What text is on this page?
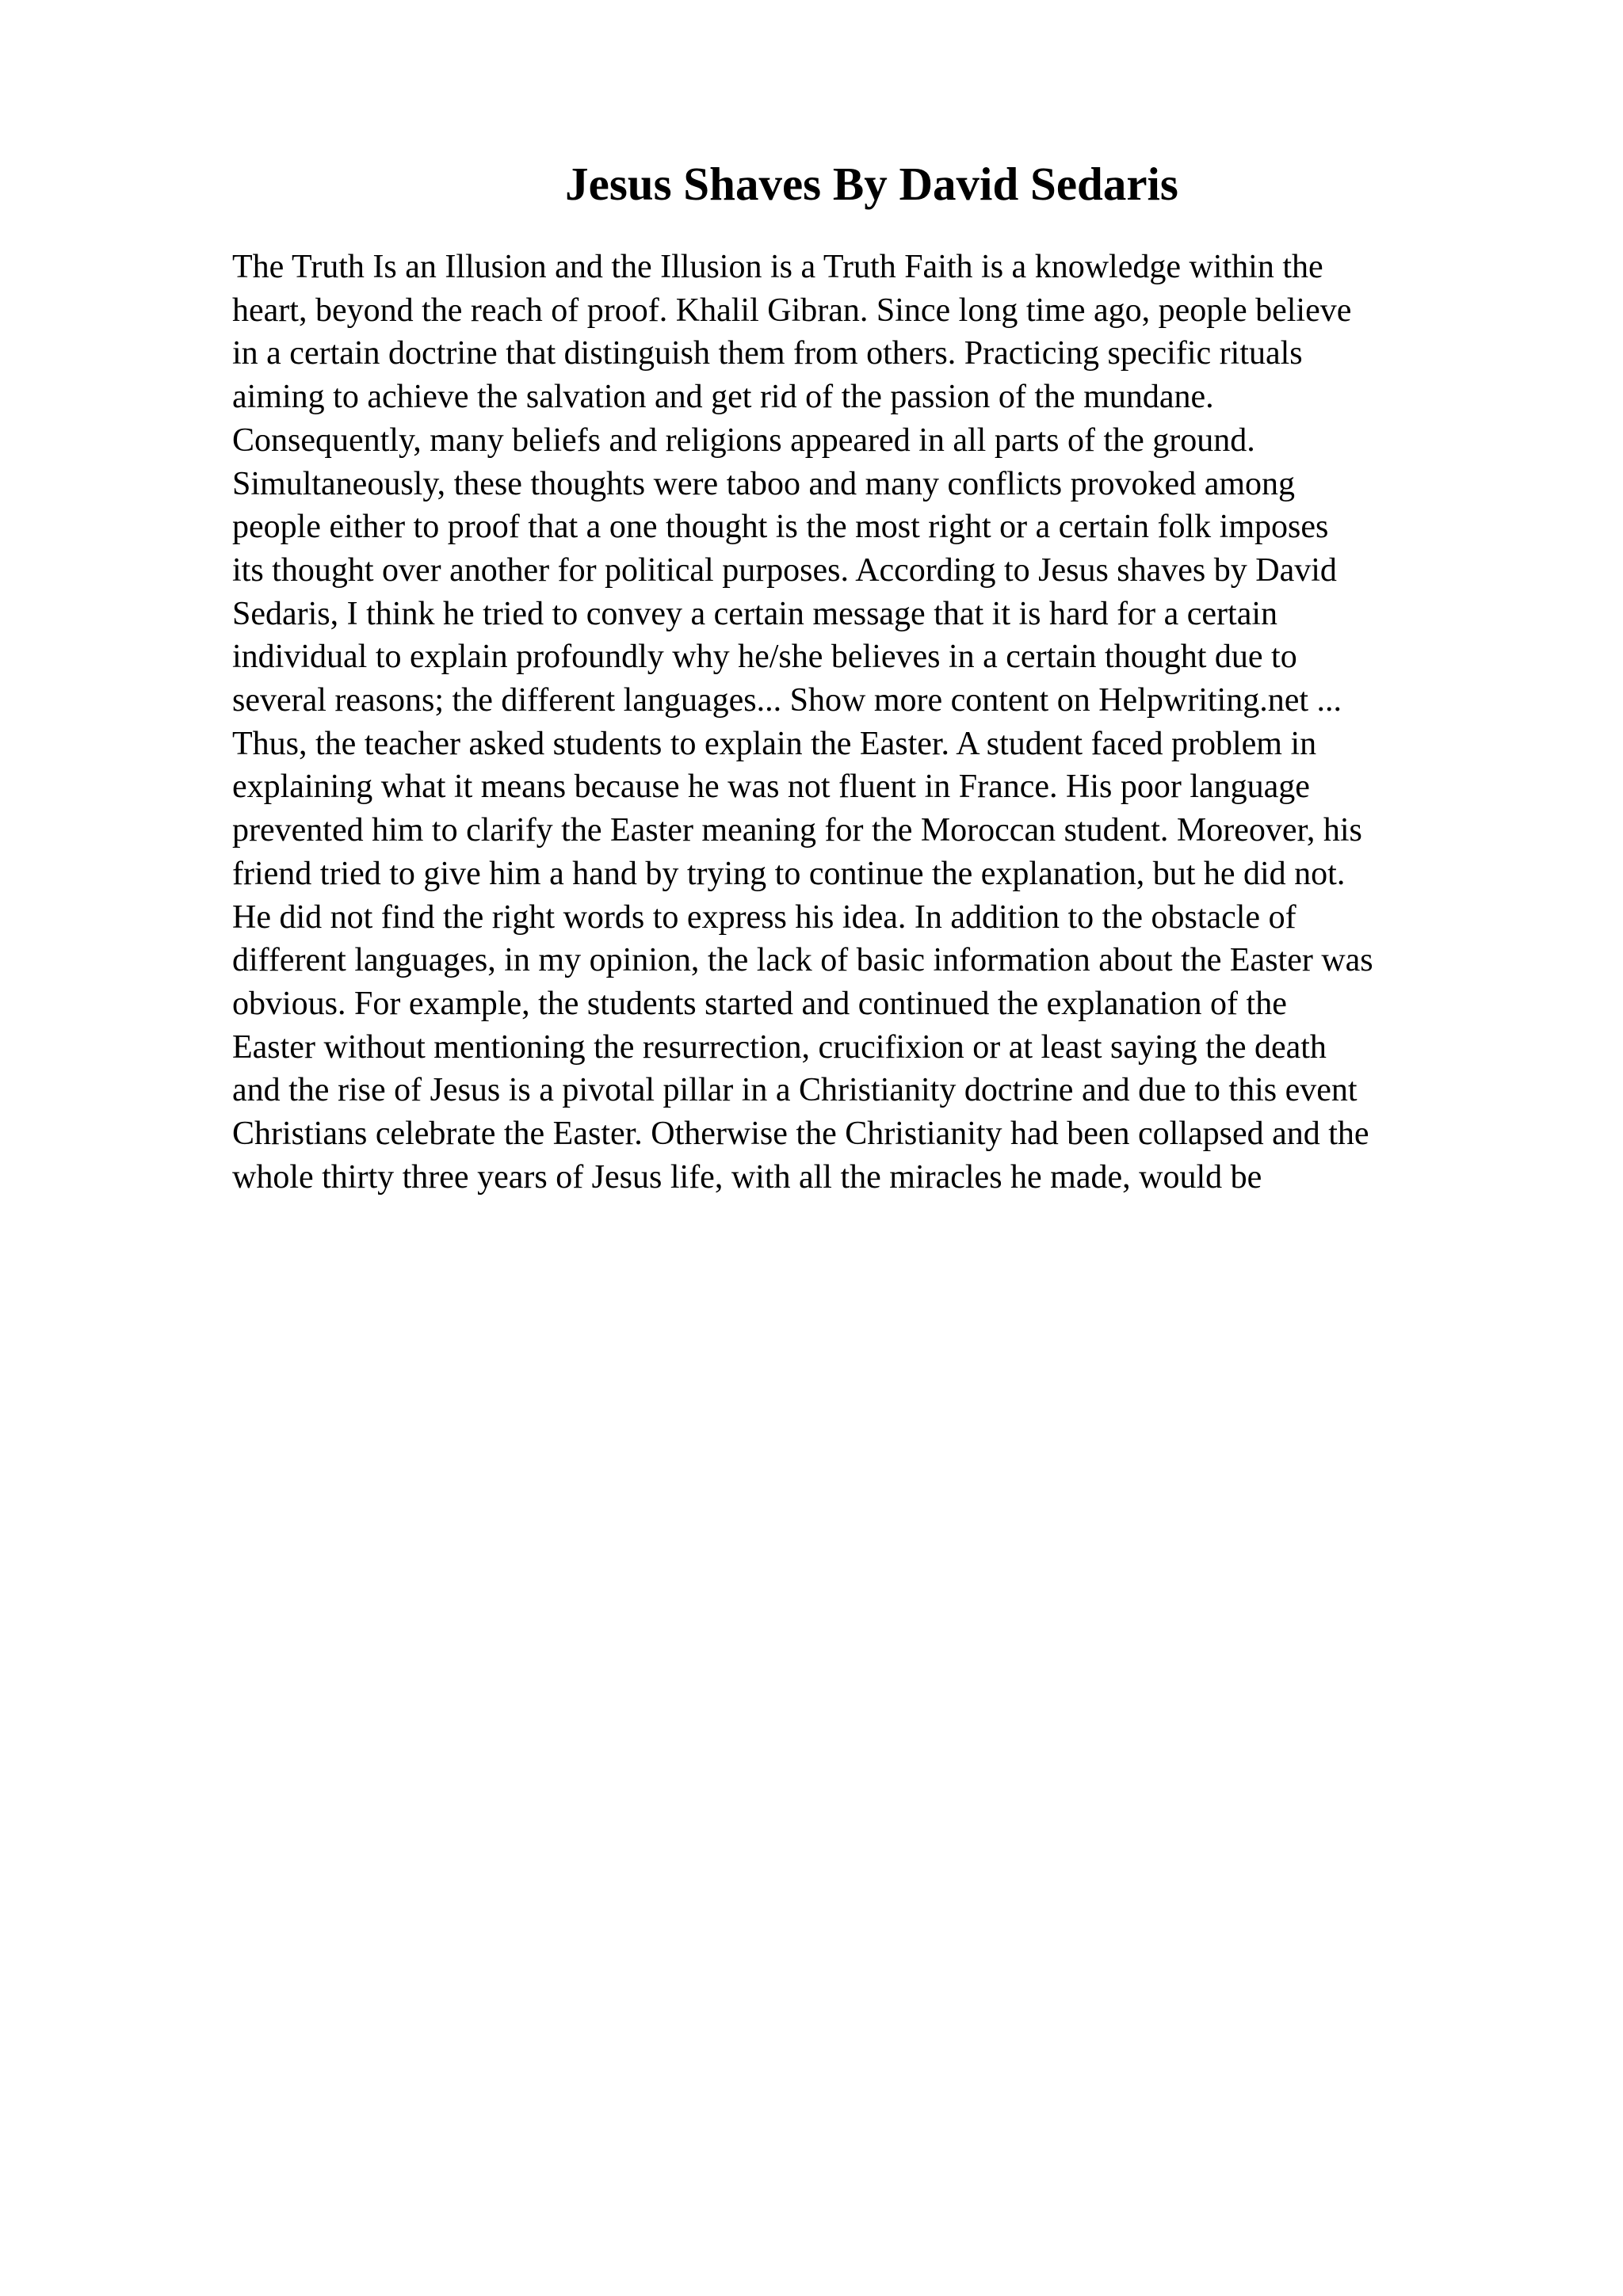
Jesus Shaves By David Sedaris
The Truth Is an Illusion and the Illusion is a Truth Faith is a knowledge within the
heart, beyond the reach of proof. Khalil Gibran. Since long time ago, people believe
in a certain doctrine that distinguish them from others. Practicing specific rituals
aiming to achieve the salvation and get rid of the passion of the mundane.
Consequently, many beliefs and religions appeared in all parts of the ground.
Simultaneously, these thoughts were taboo and many conflicts provoked among
people either to proof that a one thought is the most right or a certain folk imposes
its thought over another for political purposes. According to Jesus shaves by David
Sedaris, I think he tried to convey a certain message that it is hard for a certain
individual to explain profoundly why he/she believes in a certain thought due to
several reasons; the different languages... Show more content on Helpwriting.net ...
Thus, the teacher asked students to explain the Easter. A student faced problem in
explaining what it means because he was not fluent in France. His poor language
prevented him to clarify the Easter meaning for the Moroccan student. Moreover, his
friend tried to give him a hand by trying to continue the explanation, but he did not.
He did not find the right words to express his idea. In addition to the obstacle of
different languages, in my opinion, the lack of basic information about the Easter was
obvious. For example, the students started and continued the explanation of the
Easter without mentioning the resurrection, crucifixion or at least saying the death
and the rise of Jesus is a pivotal pillar in a Christianity doctrine and due to this event
Christians celebrate the Easter. Otherwise the Christianity had been collapsed and the
whole thirty three years of Jesus life, with all the miracles he made, would be
